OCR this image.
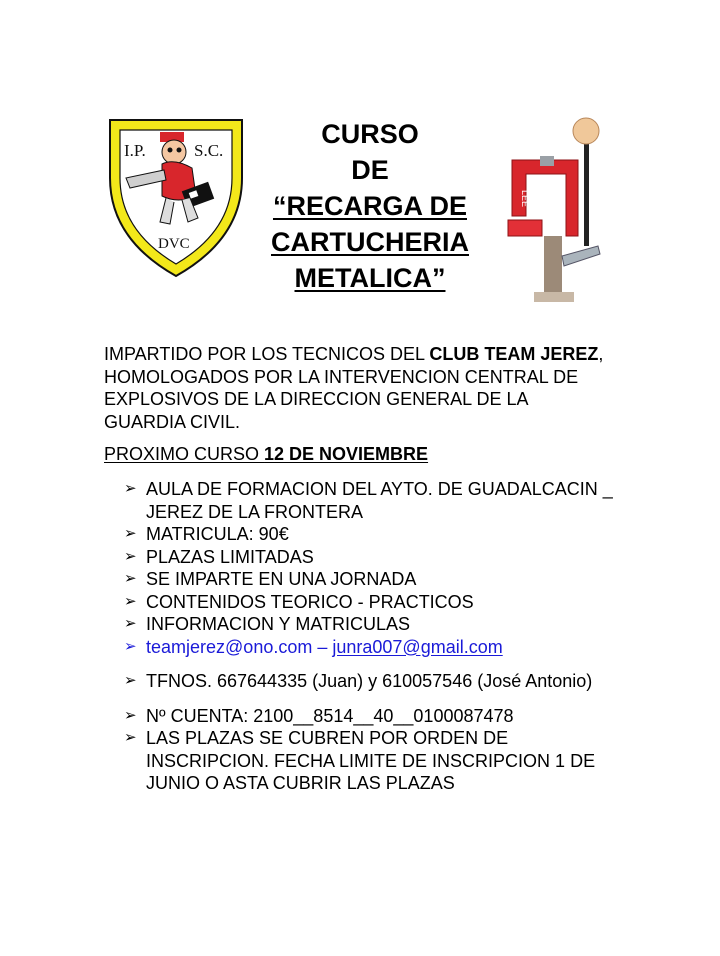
I.P.	S.C.
DVC
CURSO
DE
“RECARGA DE
CARTUCHERIA
METALICA”
LEE
IMPARTIDO POR LOS TECNICOS DEL CLUB TEAM JEREZ, HOMOLOGADOS POR LA INTERVENCION CENTRAL DE EXPLOSIVOS DE LA DIRECCION GENERAL DE LA GUARDIA CIVIL.
PROXIMO CURSO 12 DE NOVIEMBRE
➢ AULA DE FORMACION DEL AYTO. DE GUADALCACIN _ JEREZ DE LA FRONTERA
➢ MATRICULA: 90€
➢ PLAZAS LIMITADAS
➢ SE IMPARTE EN UNA JORNADA
➢ CONTENIDOS TEORICO - PRACTICOS
➢ INFORMACION Y MATRICULAS
➢ teamjerez@ono.com – junra007@gmail.com
➢ TFNOS. 667644335 (Juan) y 610057546 (José Antonio)
➢ Nº CUENTA: 2100__8514__40__0100087478
➢ LAS PLAZAS SE CUBREN POR ORDEN DE INSCRIPCION. FECHA LIMITE DE INSCRIPCION 1 DE JUNIO O ASTA CUBRIR LAS PLAZAS
